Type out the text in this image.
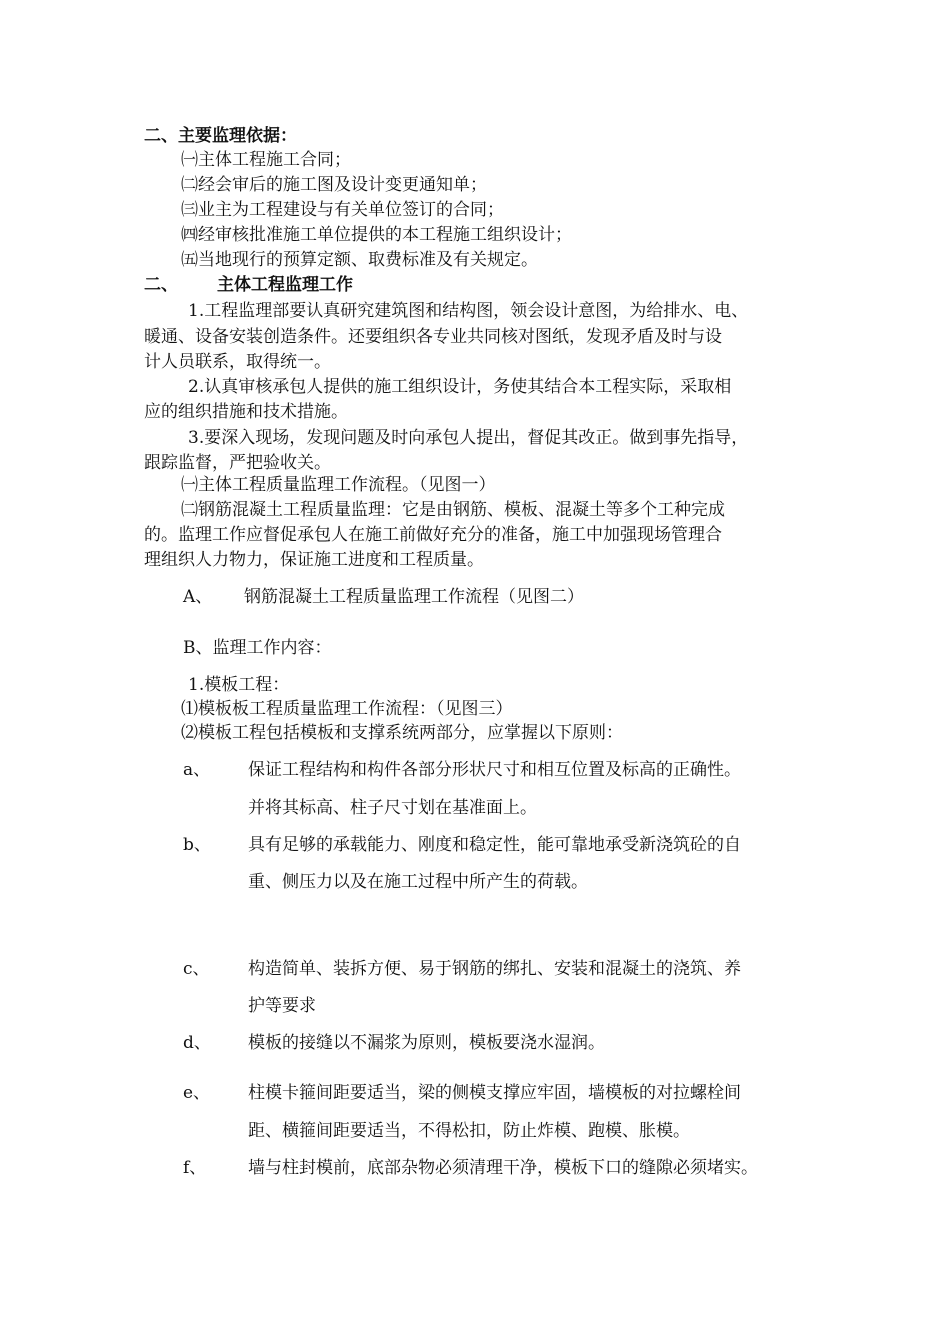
二、主要监理依据：
㈠主体工程施工合同；
㈡经会审后的施工图及设计变更通知单；
㈢业主为工程建设与有关单位签订的合同；
㈣经审核批准施工单位提供的本工程施工组织设计；
㈤当地现行的预算定额、取费标准及有关规定。
二、 主体工程监理工作
1.工程监理部要认真研究建筑图和结构图，领会设计意图，为给排水、电、
暖通、设备安装创造条件。还要组织各专业共同核对图纸，发现矛盾及时与设
计人员联系，取得统一。
2.认真审核承包人提供的施工组织设计，务使其结合本工程实际，采取相
应的组织措施和技术措施。
3.要深入现场，发现问题及时向承包人提出，督促其改正。做到事先指导，
跟踪监督，严把验收关。
㈠主体工程质量监理工作流程。（见图一）
㈡钢筋混凝土工程质量监理：它是由钢筋、模板、混凝土等多个工种完成
的。监理工作应督促承包人在施工前做好充分的准备，施工中加强现场管理合
理组织人力物力，保证施工进度和工程质量。
A、 钢筋混凝土工程质量监理工作流程（见图二）
B、监理工作内容：
1.模板工程：
⑴模板板工程质量监理工作流程：（见图三）
⑵模板工程包括模板和支撑系统两部分，应掌握以下原则：
a、 保证工程结构和构件各部分形状尺寸和相互位置及标高的正确性。
并将其标高、柱子尺寸划在基准面上。
b、 具有足够的承载能力、刚度和稳定性，能可靠地承受新浇筑砼的自
重、侧压力以及在施工过程中所产生的荷载。
c、 构造简单、装拆方便、易于钢筋的绑扎、安装和混凝土的浇筑、养
护等要求
d、 模板的接缝以不漏浆为原则，模板要浇水湿润。
e、 柱模卡箍间距要适当，梁的侧模支撑应牢固，墙模板的对拉螺栓间
距、横箍间距要适当，不得松扣，防止炸模、跑模、胀模。
f、 墙与柱封模前，底部杂物必须清理干净，模板下口的缝隙必须堵实。
